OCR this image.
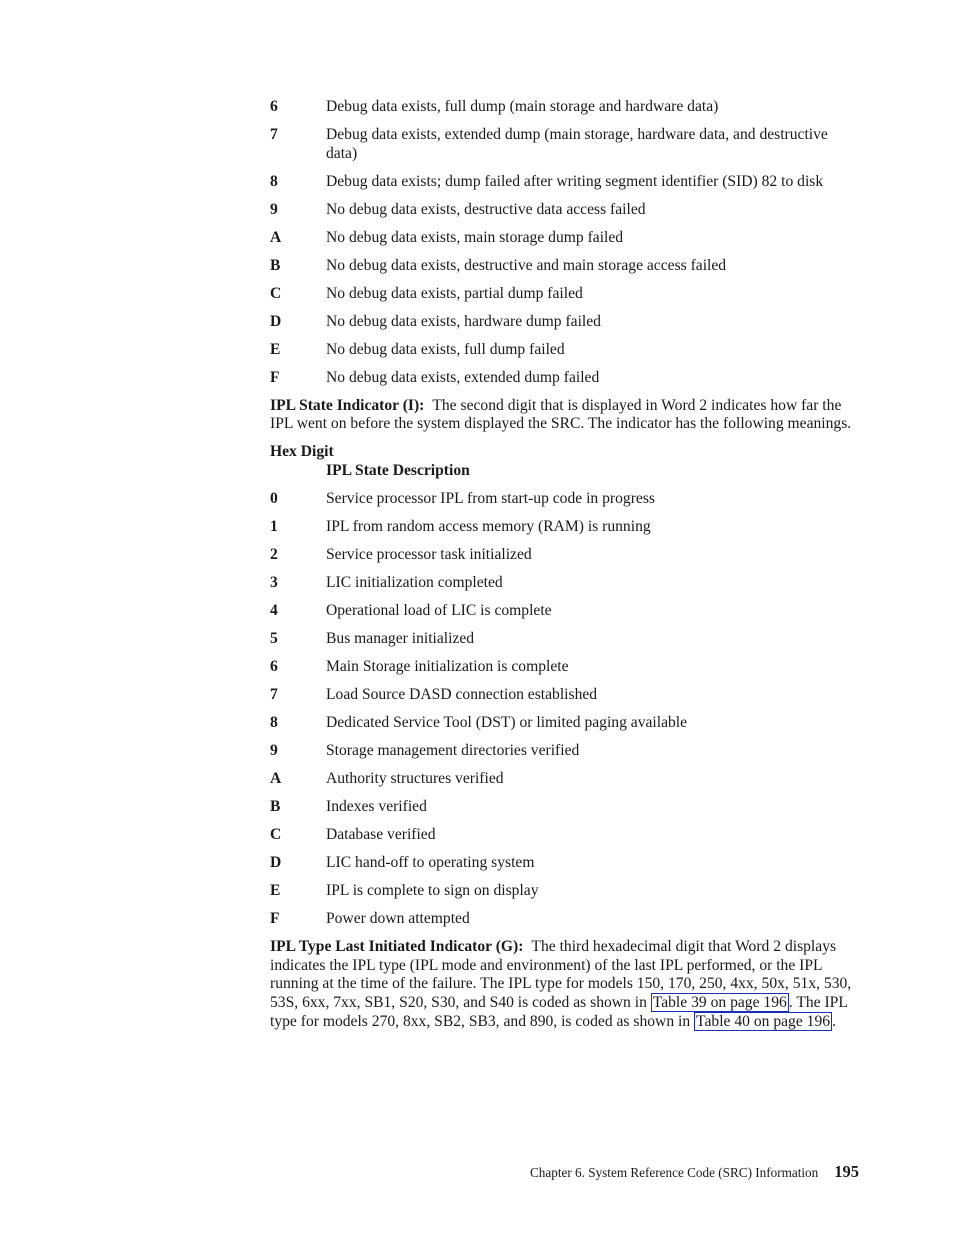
6	Debug data exists, full dump (main storage and hardware data)
7	Debug data exists, extended dump (main storage, hardware data, and destructive data)
8	Debug data exists; dump failed after writing segment identifier (SID) 82 to disk
9	No debug data exists, destructive data access failed
A	No debug data exists, main storage dump failed
B	No debug data exists, destructive and main storage access failed
C	No debug data exists, partial dump failed
D	No debug data exists, hardware dump failed
E	No debug data exists, full dump failed
F	No debug data exists, extended dump failed

IPL State Indicator (I): The second digit that is displayed in Word 2 indicates how far the IPL went on before the system displayed the SRC. The indicator has the following meanings.

Hex Digit
IPL State Description
0	Service processor IPL from start-up code in progress
1	IPL from random access memory (RAM) is running
2	Service processor task initialized
3	LIC initialization completed
4	Operational load of LIC is complete
5	Bus manager initialized
6	Main Storage initialization is complete
7	Load Source DASD connection established
8	Dedicated Service Tool (DST) or limited paging available
9	Storage management directories verified
A	Authority structures verified
B	Indexes verified
C	Database verified
D	LIC hand-off to operating system
E	IPL is complete to sign on display
F	Power down attempted

IPL Type Last Initiated Indicator (G): The third hexadecimal digit that Word 2 displays indicates the IPL type (IPL mode and environment) of the last IPL performed, or the IPL running at the time of the failure. The IPL type for models 150, 170, 250, 4xx, 50x, 51x, 530, 53S, 6xx, 7xx, SB1, S20, S30, and S40 is coded as shown in Table 39 on page 196 . The IPL type for models 270, 8xx, SB2, SB3, and 890, is coded as shown in Table 40 on page 196 .

Chapter 6. System Reference Code (SRC) Information 195
